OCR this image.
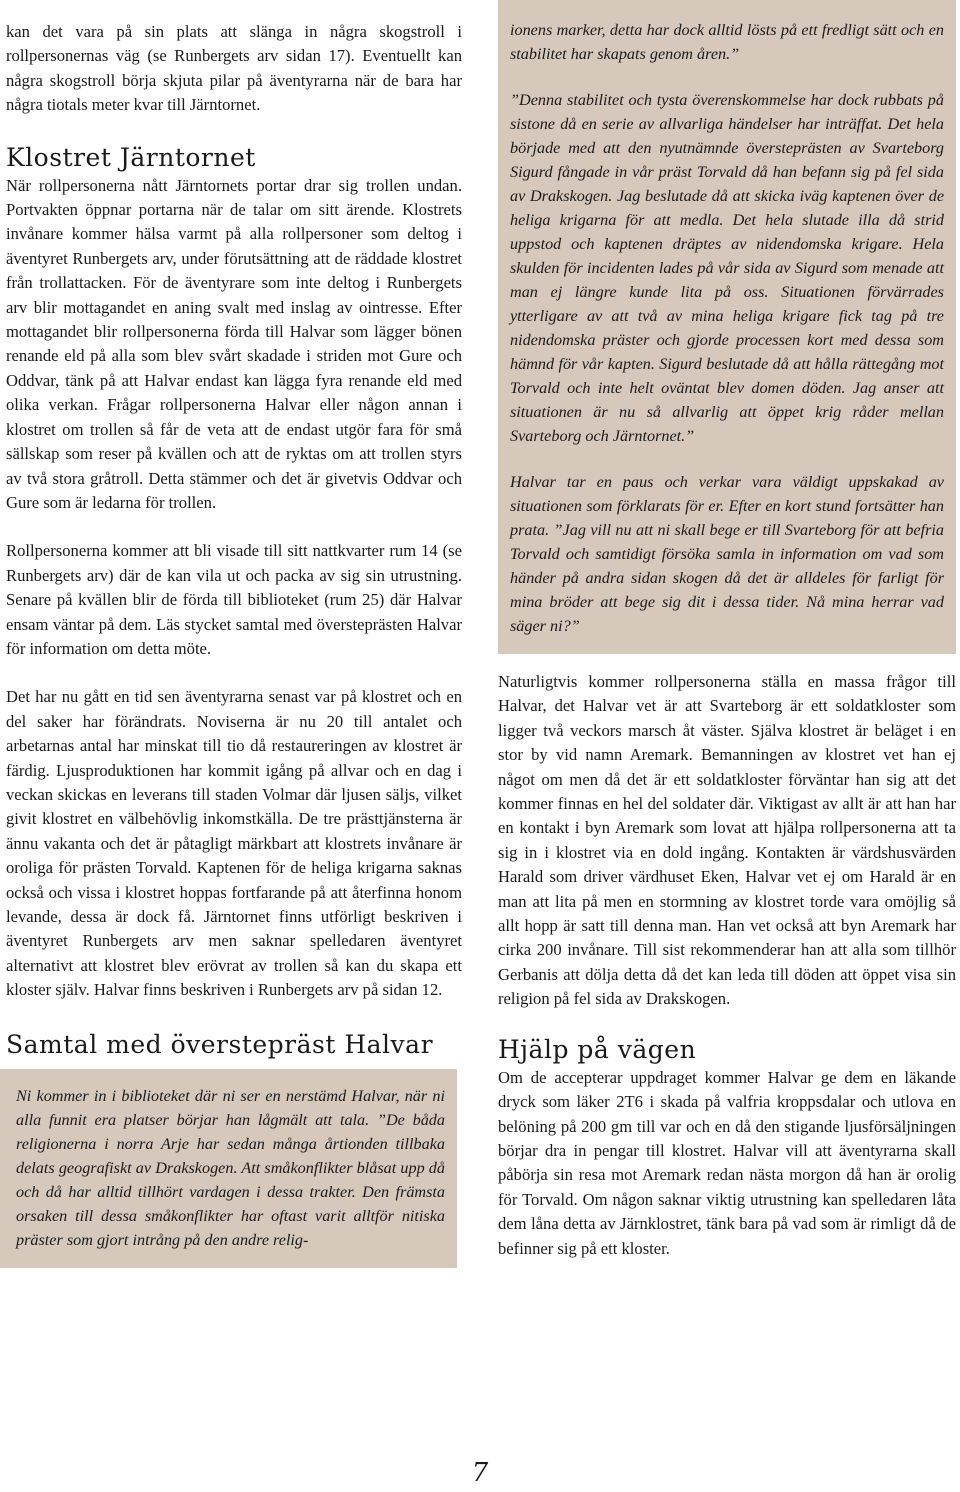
kan det vara på sin plats att slänga in några skogstroll i rollpersonernas väg (se Runbergets arv sidan 17). Eventuellt kan några skogstroll börja skjuta pilar på äventyrarna när de bara har några tiotals meter kvar till Järntornet.

Klostret Järntornet

När rollpersonerna nått Järntornets portar drar sig trollen undan. Portvakten öppnar portarna när de talar om sitt ärende. Klostrets invånare kommer hälsa varmt på alla rollpersoner som deltog i äventyret Runbergets arv, under förutsättning att de räddade klostret från trollattacken. För de äventyrare som inte deltog i Runbergets arv blir mottagandet en aning svalt med inslag av ointresse. Efter mottagandet blir rollpersonerna förda till Halvar som lägger bönen renande eld på alla som blev svårt skadade i striden mot Gure och Oddvar, tänk på att Halvar endast kan lägga fyra renande eld med olika verkan. Frågar rollpersonerna Halvar eller någon annan i klostret om trollen så får de veta att de endast utgör fara för små sällskap som reser på kvällen och att de ryktas om att trollen styrs av två stora gråtroll. Detta stämmer och det är givetvis Oddvar och Gure som är ledarna för trollen.

Rollpersonerna kommer att bli visade till sitt nattkvarter rum 14 (se Runbergets arv) där de kan vila ut och packa av sig sin utrustning. Senare på kvällen blir de förda till biblioteket (rum 25) där Halvar ensam väntar på dem. Läs stycket samtal med översteprästen Halvar för information om detta möte.

Det har nu gått en tid sen äventyrarna senast var på klostret och en del saker har förändrats. Noviserna är nu 20 till antalet och arbetarnas antal har minskat till tio då restaureringen av klostret är färdig. Ljusproduktionen har kommit igång på allvar och en dag i veckan skickas en leverans till staden Volmar där ljusen säljs, vilket givit klostret en välbehövlig inkomstkälla. De tre prästtjänsterna är ännu vakanta och det är påtagligt märkbart att klostrets invånare är oroliga för prästen Torvald. Kaptenen för de heliga krigarna saknas också och vissa i klostret hoppas fortfarande på att återfinna honom levande, dessa är dock få. Järntornet finns utförligt beskriven i äventyret Runbergets arv men saknar spelledaren äventyret alternativt att klostret blev erövrat av trollen så kan du skapa ett kloster själv. Halvar finns beskriven i Runbergets arv på sidan 12.

Samtal med överstepräst Halvar

Ni kommer in i biblioteket där ni ser en nerstämd Halvar, när ni alla funnit era platser börjar han lågmält att tala. ”De båda religionerna i norra Arje har sedan många årtionden tillbaka delats geografiskt av Drakskogen. Att småkonflikter blåsat upp då och då har alltid tillhört vardagen i dessa trakter. Den främsta orsaken till dessa småkonflikter har oftast varit alltför nitiska präster som gjort intrång på den andre relig-

ionens marker, detta har dock alltid lösts på ett fredligt sätt och en stabilitet har skapats genom åren.”

”Denna stabilitet och tysta överenskommelse har dock rubbats på sistone då en serie av allvarliga händelser har inträffat. Det hela började med att den nyutnämnde översteprästen av Svarteborg Sigurd fångade in vår präst Torvald då han befann sig på fel sida av Drakskogen. Jag beslutade då att skicka iväg kaptenen över de heliga krigarna för att medla. Det hela slutade illa då strid uppstod och kaptenen dräptes av nidendomska krigare. Hela skulden för incidenten lades på vår sida av Sigurd som menade att man ej längre kunde lita på oss. Situationen förvärrades ytterligare av att två av mina heliga krigare fick tag på tre nidendomska präster och gjorde processen kort med dessa som hämnd för vår kapten. Sigurd beslutade då att hålla rättegång mot Torvald och inte helt oväntat blev domen döden. Jag anser att situationen är nu så allvarlig att öppet krig råder mellan Svarteborg och Järntornet.”

Halvar tar en paus och verkar vara väldigt uppskakad av situationen som förklarats för er. Efter en kort stund fortsätter han prata. ”Jag vill nu att ni skall bege er till Svarteborg för att befria Torvald och samtidigt försöka samla in information om vad som händer på andra sidan skogen då det är alldeles för farligt för mina bröder att bege sig dit i dessa tider. Nå mina herrar vad säger ni?”

Naturligtvis kommer rollpersonerna ställa en massa frågor till Halvar, det Halvar vet är att Svarteborg är ett soldatkloster som ligger två veckors marsch åt väster. Själva klostret är beläget i en stor by vid namn Aremark. Bemanningen av klostret vet han ej något om men då det är ett soldatkloster förväntar han sig att det kommer finnas en hel del soldater där. Viktigast av allt är att han har en kontakt i byn Aremark som lovat att hjälpa rollpersonerna att ta sig in i klostret via en dold ingång. Kontakten är värdshusvärden Harald som driver värdhuset Eken, Halvar vet ej om Harald är en man att lita på men en stormning av klostret torde vara omöjlig så allt hopp är satt till denna man. Han vet också att byn Aremark har cirka 200 invånare. Till sist rekommenderar han att alla som tillhör Gerbanis att dölja detta då det kan leda till döden att öppet visa sin religion på fel sida av Drakskogen.

Hjälp på vägen

Om de accepterar uppdraget kommer Halvar ge dem en läkande dryck som läker 2T6 i skada på valfria kroppsdalar och utlova en belöning på 200 gm till var och en då den stigande ljusförsäljningen börjar dra in pengar till klostret. Halvar vill att äventyrarna skall påbörja sin resa mot Aremark redan nästa morgon då han är orolig för Torvald. Om någon saknar viktig utrustning kan spelledaren låta dem låna detta av Järnklostret, tänk bara på vad som är rimligt då de befinner sig på ett kloster.

7
